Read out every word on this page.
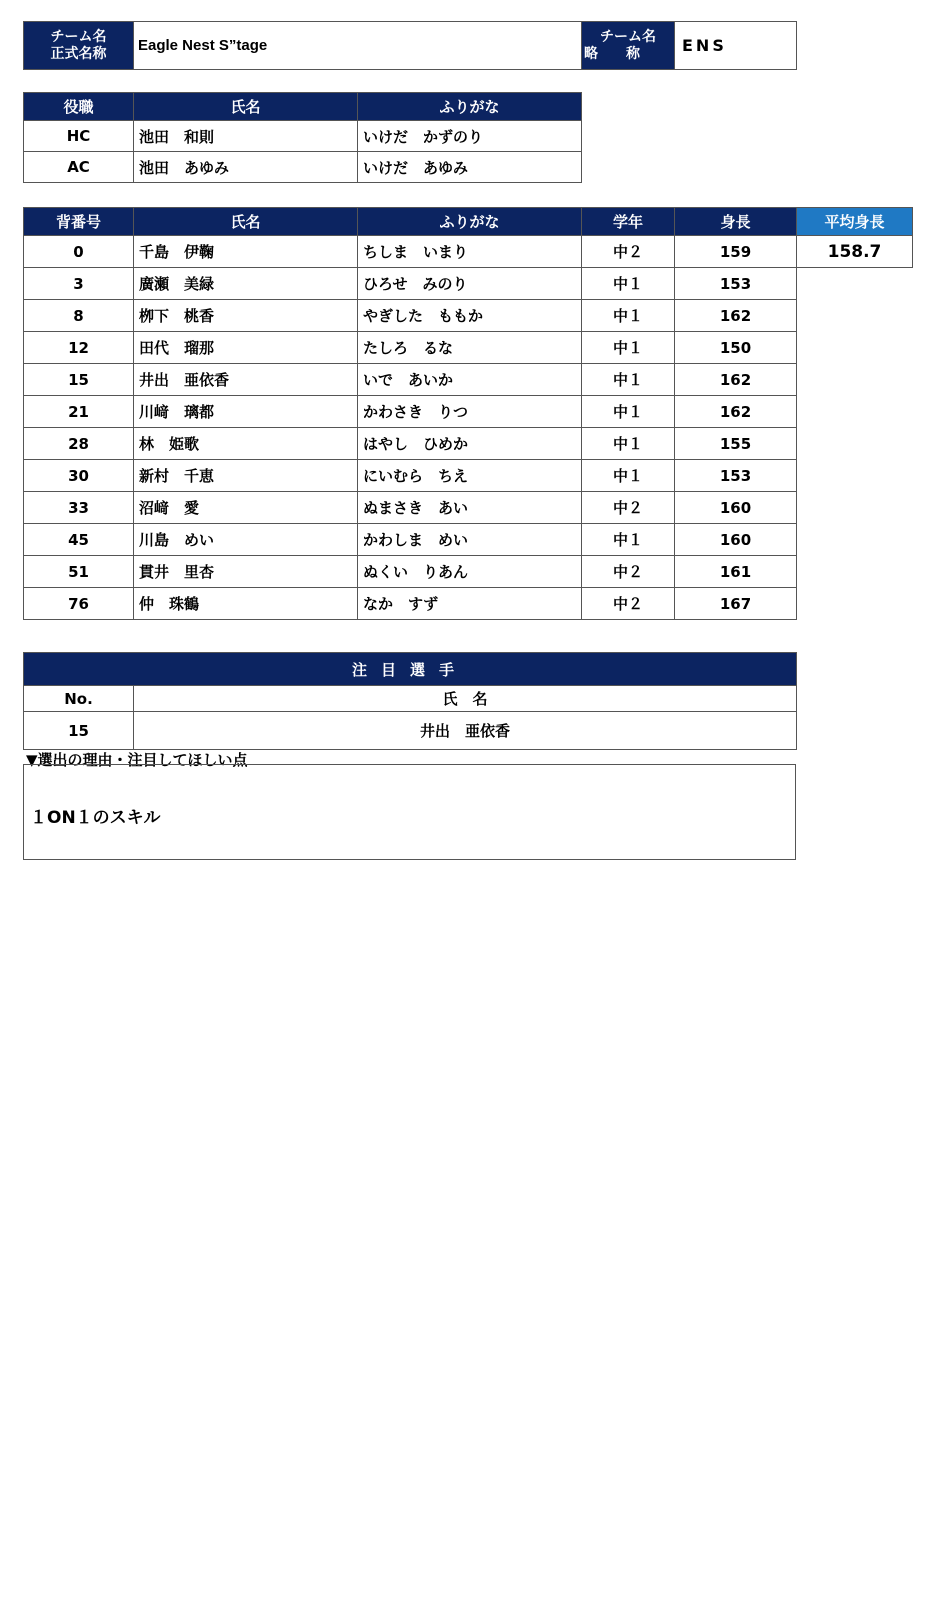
チーム名
正式名称	Eagle Nest S”tage	
チーム名
略　　称	ENS
役職	氏名	ふりがな
HC	池田　和則	いけだ　かずのり
AC	池田　あゆみ	いけだ　あゆみ
背番号	氏名	ふりがな	学年	身長	平均身長
0	千島　伊鞠	ちしま　いまり	中２	159	158.7
3	廣瀬　美緑	ひろせ　みのり	中１	153	
8	栁下　桃香	やぎした　ももか	中１	162	
12	田代　瑠那	たしろ　るな	中１	150	
15	井出　亜依香	いで　あいか	中１	162	
21	川﨑　璃都	かわさき　りつ	中１	162	
28	林　姫歌	はやし　ひめか	中１	155	
30	新村　千恵	にいむら　ちえ	中１	153	
33	沼﨑　愛	ぬまさき　あい	中２	160	
45	川島　めい	かわしま　めい	中１	160	
51	貫井　里杏	ぬくい　りあん	中２	161	
76	仲　珠鶴	なか　すず	中２	167	
注目選手	
No.	氏　名
15	井出　亜依香
▼選出の理由・注目してほしい点
１ON１のスキル
